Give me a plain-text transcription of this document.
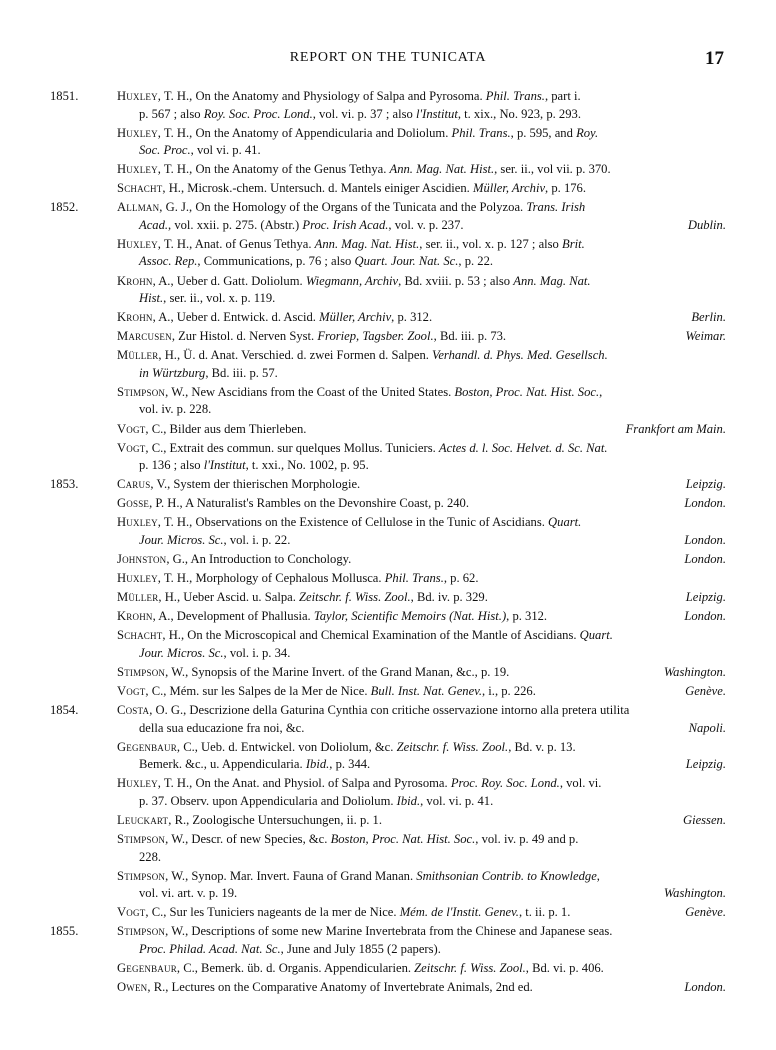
REPORT ON THE TUNICATA	17
1851.	Huxley, T. H., On the Anatomy and Physiology of Salpa and Pyrosoma. Phil. Trans., part i.
p. 567 ; also Roy. Soc. Proc. Lond., vol. vi. p. 37 ; also l'Institut, t. xix., No. 923, p. 293.
Huxley, T. H., On the Anatomy of Appendicularia and Doliolum. Phil. Trans., p. 595, and Roy.
Soc. Proc., vol vi. p. 41.
Huxley, T. H., On the Anatomy of the Genus Tethya. Ann. Mag. Nat. Hist., ser. ii., vol vii. p. 370.
Schacht, H., Microsk.-chem. Untersuch. d. Mantels einiger Ascidien. Müller, Archiv, p. 176.
1852.	Allman, G. J., On the Homology of the Organs of the Tunicata and the Polyzoa. Trans. Irish
Acad., vol. xxii. p. 275. (Abstr.) Proc. Irish Acad., vol. v. p. 237.	Dublin.
Huxley, T. H., Anat. of Genus Tethya. Ann. Mag. Nat. Hist., ser. ii., vol. x. p. 127 ; also Brit.
Assoc. Rep., Communications, p. 76 ; also Quart. Jour. Nat. Sc., p. 22.
Krohn, A., Ueber d. Gatt. Doliolum. Wiegmann, Archiv, Bd. xviii. p. 53 ; also Ann. Mag. Nat.
Hist., ser. ii., vol. x. p. 119.
Krohn, A., Ueber d. Entwick. d. Ascid. Müller, Archiv, p. 312.	Berlin.
Marcusen, Zur Histol. d. Nerven Syst. Froriep, Tagsber. Zool., Bd. iii. p. 73.	Weimar.
Müller, H., Ü. d. Anat. Verschied. d. zwei Formen d. Salpen. Verhandl. d. Phys. Med. Gesellsch.
in Würtzburg, Bd. iii. p. 57.
Stimpson, W., New Ascidians from the Coast of the United States. Boston, Proc. Nat. Hist. Soc.,
vol. iv. p. 228.
Vogt, C., Bilder aus dem Thierleben.	Frankfort am Main.
Vogt, C., Extrait des commun. sur quelques Mollus. Tuniciers. Actes d. l. Soc. Helvet. d. Sc. Nat.
p. 136 ; also l'Institut, t. xxi., No. 1002, p. 95.
1853.	Carus, V., System der thierischen Morphologie.	Leipzig.
Gosse, P. H., A Naturalist's Rambles on the Devonshire Coast, p. 240.	London.
Huxley, T. H., Observations on the Existence of Cellulose in the Tunic of Ascidians. Quart.
Jour. Micros. Sc., vol. i. p. 22.	London.
Johnston, G., An Introduction to Conchology.	London.
Huxley, T. H., Morphology of Cephalous Mollusca. Phil. Trans., p. 62.
Müller, H., Ueber Ascid. u. Salpa. Zeitschr. f. Wiss. Zool., Bd. iv. p. 329.	Leipzig.
Krohn, A., Development of Phallusia. Taylor, Scientific Memoirs (Nat. Hist.), p. 312.	London.
Schacht, H., On the Microscopical and Chemical Examination of the Mantle of Ascidians. Quart.
Jour. Micros. Sc., vol. i. p. 34.
Stimpson, W., Synopsis of the Marine Invert. of the Grand Manan, &c., p. 19.	Washington.
Vogt, C., Mém. sur les Salpes de la Mer de Nice. Bull. Inst. Nat. Genev., i., p. 226.	Genève.
1854.	Costa, O. G., Descrizione della Gaturina Cynthia con critiche osservazione intorno alla pretera utilita
della sua educazione fra noi, &c.	Napoli.
Gegenbaur, C., Ueb. d. Entwickel. von Doliolum, &c. Zeitschr. f. Wiss. Zool., Bd. v. p. 13.
Bemerk. &c., u. Appendicularia. Ibid., p. 344.	Leipzig.
Huxley, T. H., On the Anat. and Physiol. of Salpa and Pyrosoma. Proc. Roy. Soc. Lond., vol. vi.
p. 37. Observ. upon Appendicularia and Doliolum. Ibid., vol. vi. p. 41.
Leuckart, R., Zoologische Untersuchungen, ii. p. 1.	Giessen.
Stimpson, W., Descr. of new Species, &c. Boston, Proc. Nat. Hist. Soc., vol. iv. p. 49 and p.
228.
Stimpson, W., Synop. Mar. Invert. Fauna of Grand Manan. Smithsonian Contrib. to Knowledge,
vol. vi. art. v. p. 19.	Washington.
Vogt, C., Sur les Tuniciers nageants de la mer de Nice. Mém. de l'Instit. Genev., t. ii. p. 1.	Genève.
1855.	Stimpson, W., Descriptions of some new Marine Invertebrata from the Chinese and Japanese seas.
Proc. Philad. Acad. Nat. Sc., June and July 1855 (2 papers).
Gegenbaur, C., Bemerk. üb. d. Organis. Appendicularien. Zeitschr. f. Wiss. Zool., Bd. vi. p. 406.
Owen, R., Lectures on the Comparative Anatomy of Invertebrate Animals, 2nd ed.	London.
